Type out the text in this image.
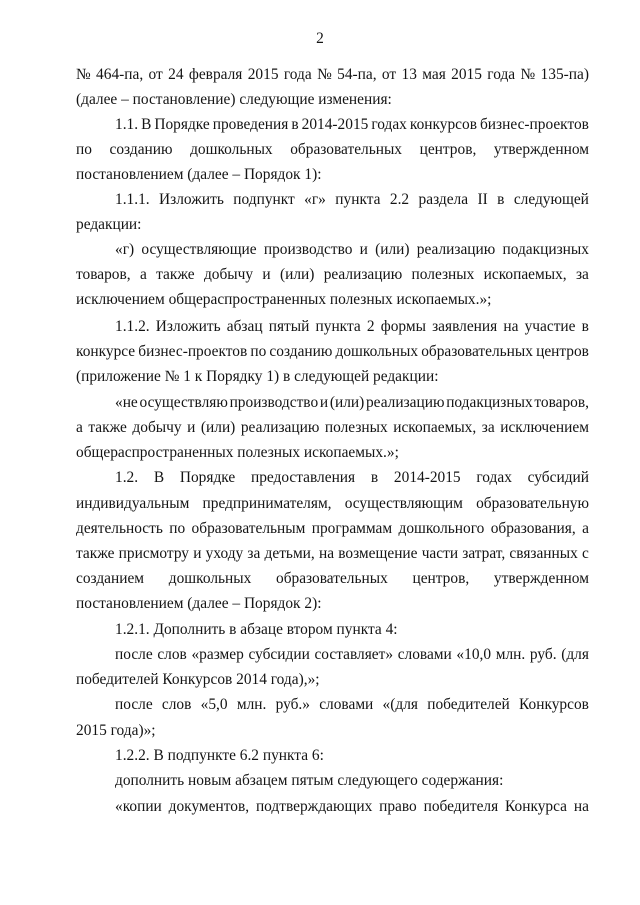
2
№ 464-па, от 24 февраля 2015 года № 54-па, от 13 мая 2015 года № 135-па)
(далее – постановление) следующие изменения:
1.1. В Порядке проведения в 2014-2015 годах конкурсов бизнес-проектов
по созданию дошкольных образовательных центров, утвержденном
постановлением (далее – Порядок 1):
1.1.1. Изложить подпункт «г» пункта 2.2 раздела II в следующей
редакции:
«г) осуществляющие производство и (или) реализацию подакцизных
товаров, а также добычу и (или) реализацию полезных ископаемых, за
исключением общераспространенных полезных ископаемых.»;
1.1.2. Изложить абзац пятый пункта 2 формы заявления на участие в
конкурсе бизнес-проектов по созданию дошкольных образовательных центров
(приложение № 1 к Порядку 1) в следующей редакции:
«не осуществляю производство и (или) реализацию подакцизных товаров,
а также добычу и (или) реализацию полезных ископаемых, за исключением
общераспространенных полезных ископаемых.»;
1.2. В Порядке предоставления в 2014-2015 годах субсидий
индивидуальным предпринимателям, осуществляющим образовательную
деятельность по образовательным программам дошкольного образования, а
также присмотру и уходу за детьми, на возмещение части затрат, связанных с
созданием дошкольных образовательных центров, утвержденном
постановлением (далее – Порядок 2):
1.2.1. Дополнить в абзаце втором пункта 4:
после слов «размер субсидии составляет» словами «10,0 млн. руб. (для
победителей Конкурсов 2014 года),»;
после слов «5,0 млн. руб.» словами «(для победителей Конкурсов
2015 года)»;
1.2.2. В подпункте 6.2 пункта 6:
дополнить новым абзацем пятым следующего содержания:
«копии документов, подтверждающих право победителя Конкурса на
